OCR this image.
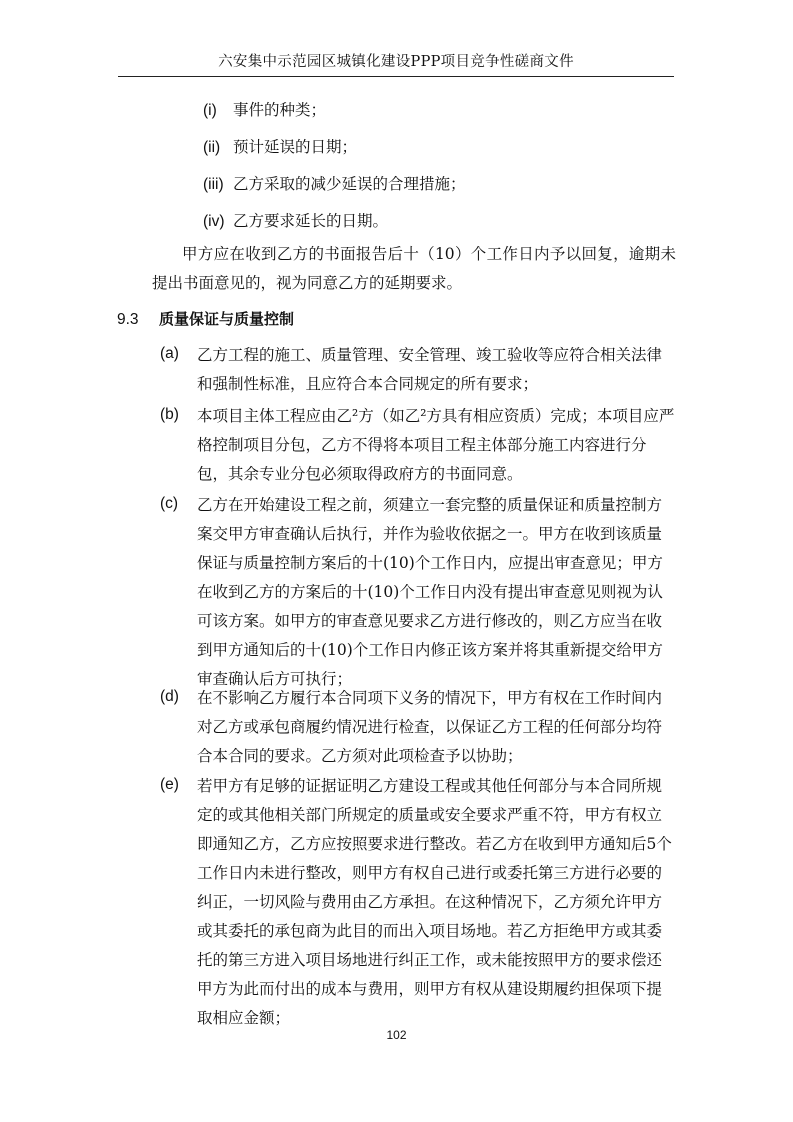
六安集中示范园区城镇化建设PPP项目竞争性磋商文件
(i) 事件的种类；
(ii) 预计延误的日期；
(iii) 乙方采取的减少延误的合理措施；
(iv) 乙方要求延长的日期。
甲方应在收到乙方的书面报告后十（10）个工作日内予以回复，逾期未提出书面意见的，视为同意乙方的延期要求。
9.3 质量保证与质量控制
(a) 乙方工程的施工、质量管理、安全管理、竣工验收等应符合相关法律和强制性标准，且应符合本合同规定的所有要求；
(b) 本项目主体工程应由乙²方（如乙²方具有相应资质）完成；本项目应严格控制项目分包，乙方不得将本项目工程主体部分施工内容进行分包，其余专业分包必须取得政府方的书面同意。
(c) 乙方在开始建设工程之前，须建立一套完整的质量保证和质量控制方案交甲方审查确认后执行，并作为验收依据之一。甲方在收到该质量保证与质量控制方案后的十(10)个工作日内，应提出审查意见；甲方在收到乙方的方案后的十(10)个工作日内没有提出审查意见则视为认可该方案。如甲方的审查意见要求乙方进行修改的，则乙方应当在收到甲方通知后的十(10)个工作日内修正该方案并将其重新提交给甲方审查确认后方可执行；
(d) 在不影响乙方履行本合同项下义务的情况下，甲方有权在工作时间内对乙方或承包商履约情况进行检查，以保证乙方工程的任何部分均符合本合同的要求。乙方须对此项检查予以协助；
(e) 若甲方有足够的证据证明乙方建设工程或其他任何部分与本合同所规定的或其他相关部门所规定的质量或安全要求严重不符，甲方有权立即通知乙方，乙方应按照要求进行整改。若乙方在收到甲方通知后5个工作日内未进行整改，则甲方有权自己进行或委托第三方进行必要的纠正，一切风险与费用由乙方承担。在这种情况下，乙方须允许甲方或其委托的承包商为此目的而出入项目场地。若乙方拒绝甲方或其委托的第三方进入项目场地进行纠正工作，或未能按照甲方的要求偿还甲方为此而付出的成本与费用，则甲方有权从建设期履约担保项下提取相应金额；
102
